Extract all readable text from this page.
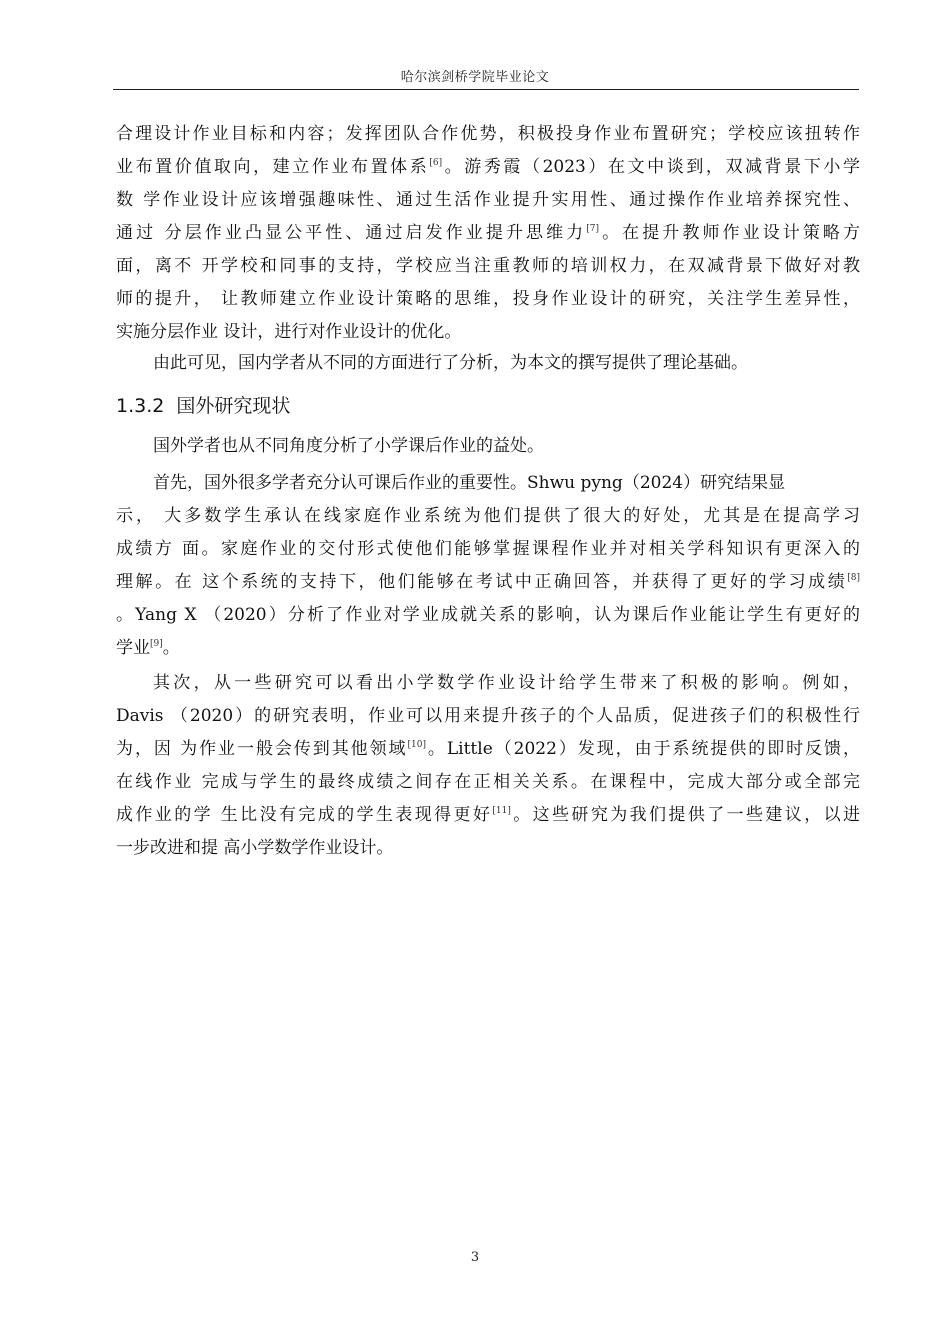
哈尔滨剑桥学院毕业论文
合理设计作业目标和内容；发挥团队合作优势，积极投身作业布置研究；学校应该扭转作
业布置价值取向，建立作业布置体系[6]。游秀霞（2023）在文中谈到，双减背景下小学
数 学作业设计应该增强趣味性、通过生活作业提升实用性、通过操作作业培养探究性、
通过 分层作业凸显公平性、通过启发作业提升思维力[7]。在提升教师作业设计策略方
面，离不 开学校和同事的支持，学校应当注重教师的培训权力，在双减背景下做好对教
师的提升， 让教师建立作业设计策略的思维，投身作业设计的研究，关注学生差异性，
实施分层作业 设计，进行对作业设计的优化。
由此可见，国内学者从不同的方面进行了分析，为本文的撰写提供了理论基础。
1.3.2 国外研究现状
国外学者也从不同角度分析了小学课后作业的益处。
首先，国外很多学者充分认可课后作业的重要性。Shwu pyng（2024）研究结果显
示， 大多数学生承认在线家庭作业系统为他们提供了很大的好处，尤其是在提高学习
成绩方 面。家庭作业的交付形式使他们能够掌握课程作业并对相关学科知识有更深入的
理解。在 这个系统的支持下，他们能够在考试中正确回答，并获得了更好的学习成绩[8]
。Yang X （2020）分析了作业对学业成就关系的影响，认为课后作业能让学生有更好的
学业[9]。
其次，从一些研究可以看出小学数学作业设计给学生带来了积极的影响。例如，
Davis （2020）的研究表明，作业可以用来提升孩子的个人品质，促进孩子们的积极性行
为，因 为作业一般会传到其他领域[10]。Little（2022）发现，由于系统提供的即时反馈，
在线作业 完成与学生的最终成绩之间存在正相关关系。在课程中，完成大部分或全部完
成作业的学 生比没有完成的学生表现得更好[11]。这些研究为我们提供了一些建议，以进
一步改进和提 高小学数学作业设计。
3
